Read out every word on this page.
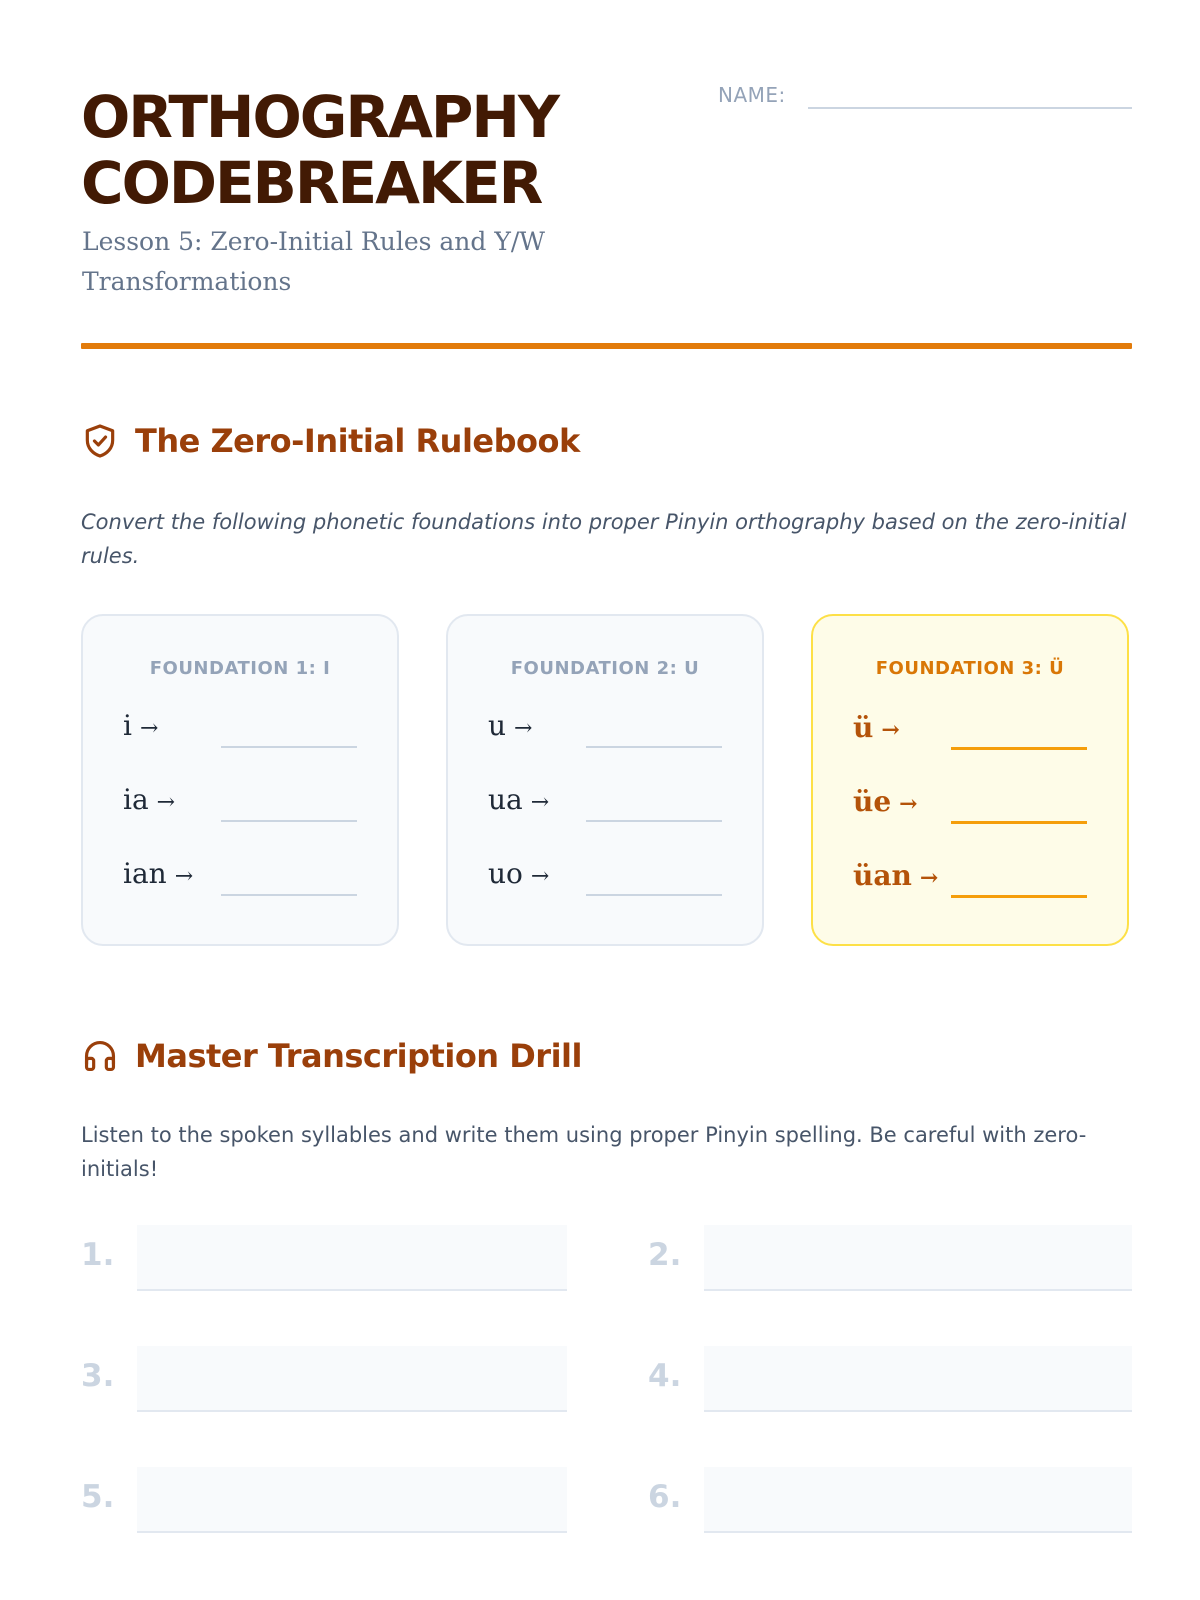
ORTHOGRAPHY
CODEBREAKER

Lesson 5: Zero-Initial Rules and Y/W Transformations

NAME:
The Zero-Initial Rulebook

Convert the following phonetic foundations into proper Pinyin orthography based on the zero-initial rules.

FOUNDATION 1: I
i →
ia →
ian →
FOUNDATION 2: U
u →
ua →
uo →
FOUNDATION 3: Ü
ü →
üe →
üan →
Master Transcription Drill

Listen to the spoken syllables and write them using proper Pinyin spelling. Be careful with zero-initials!

1.	2.
3.	4.
5.	6.
